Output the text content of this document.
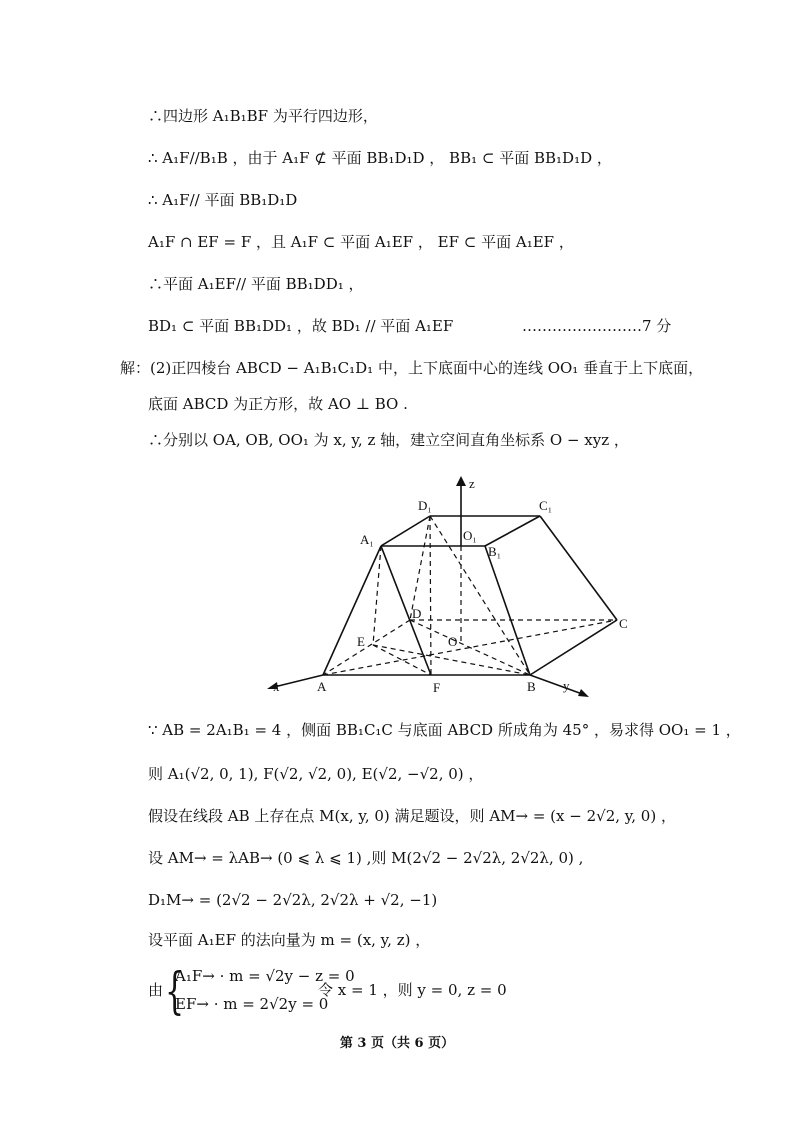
∴四边形 A₁B₁BF 为平行四边形，
∴ A₁F//B₁B ，由于 A₁F ⊄ 平面 BB₁D₁D ， BB₁ ⊂ 平面 BB₁D₁D ，
∴ A₁F// 平面 BB₁D₁D
A₁F ∩ EF = F ，且 A₁F ⊂ 平面 A₁EF ， EF ⊂ 平面 A₁EF ，
∴平面 A₁EF// 平面 BB₁DD₁ ，
BD₁ ⊂ 平面 BB₁DD₁ ，故 BD₁ // 平面 A₁EF	……………………7 分
解：(2)正四棱台 ABCD − A₁B₁C₁D₁ 中，上下底面中心的连线 OO₁ 垂直于上下底面，
底面 ABCD 为正方形，故 AO ⊥ BO .
∴分别以 OA, OB, OO₁ 为 x, y, z 轴，建立空间直角坐标系 O − xyz ，
D₁	C₁
A₁	O₁
B₁
D
C
E	O
A	F	B
x	y
z
∵ AB = 2A₁B₁ = 4 ，侧面 BB₁C₁C 与底面 ABCD 所成角为 45° ，易求得 OO₁ = 1 ，
则 A₁(√2, 0, 1), F(√2, √2, 0), E(√2, −√2, 0) ，
假设在线段 AB 上存在点 M(x, y, 0) 满足题设，则 AM→ = (x − 2√2, y, 0) ，
设 AM→ = λAB→ (0 ⩽ λ ⩽ 1) ,则 M(2√2 − 2√2λ, 2√2λ, 0) ,
D₁M→ = (2√2 − 2√2λ, 2√2λ + √2, −1)
设平面 A₁EF 的法向量为 m = (x, y, z) ，
由 {
A₁F→ · m = √2y − z = 0
EF→ · m = 2√2y = 0
令 x = 1 ，则 y = 0, z = 0
第 3 页（共 6 页）
